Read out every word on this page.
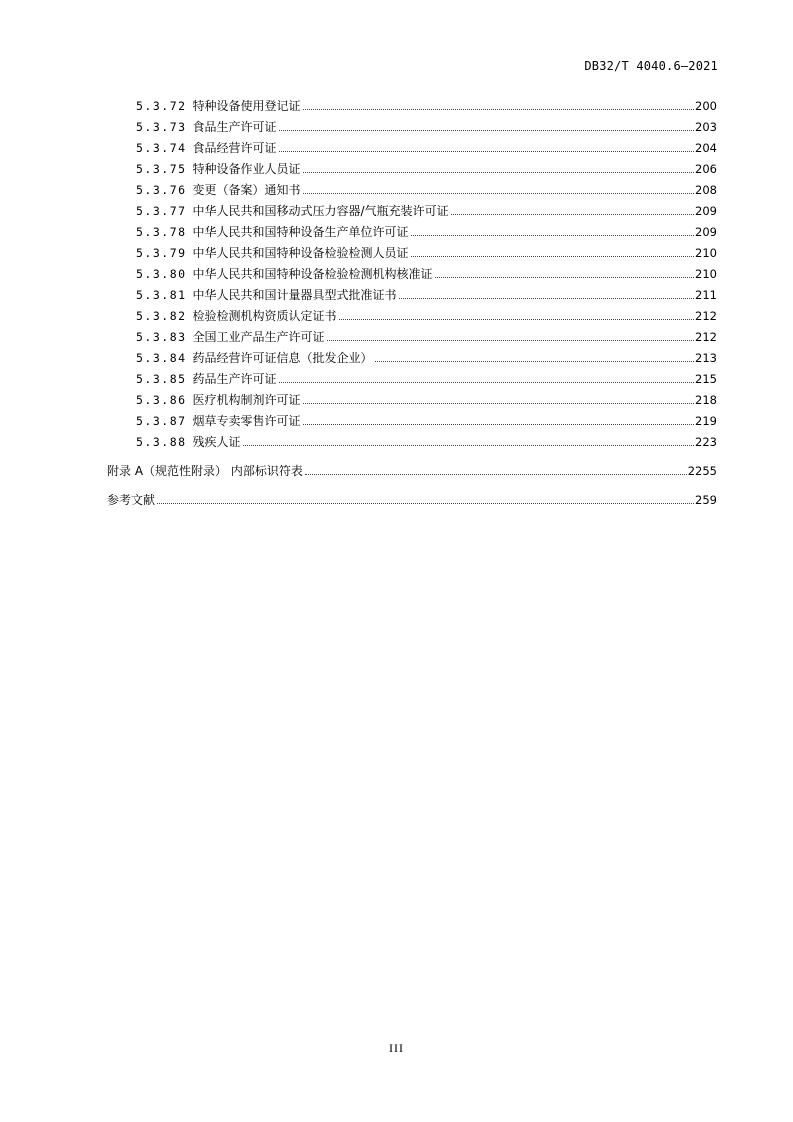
DB32/T 4040.6—2021
5.3.72 特种设备使用登记证	200
5.3.73 食品生产许可证	203
5.3.74 食品经营许可证	204
5.3.75 特种设备作业人员证	206
5.3.76 变更（备案）通知书	208
5.3.77 中华人民共和国移动式压力容器/气瓶充装许可证	209
5.3.78 中华人民共和国特种设备生产单位许可证	209
5.3.79 中华人民共和国特种设备检验检测人员证	210
5.3.80 中华人民共和国特种设备检验检测机构核准证	210
5.3.81 中华人民共和国计量器具型式批准证书	211
5.3.82 检验检测机构资质认定证书	212
5.3.83 全国工业产品生产许可证	212
5.3.84 药品经营许可证信息（批发企业）	213
5.3.85 药品生产许可证	215
5.3.86 医疗机构制剂许可证	218
5.3.87 烟草专卖零售许可证	219
5.3.88 残疾人证	223
附录 A（规范性附录） 内部标识符表	2255
参考文献	259
III
